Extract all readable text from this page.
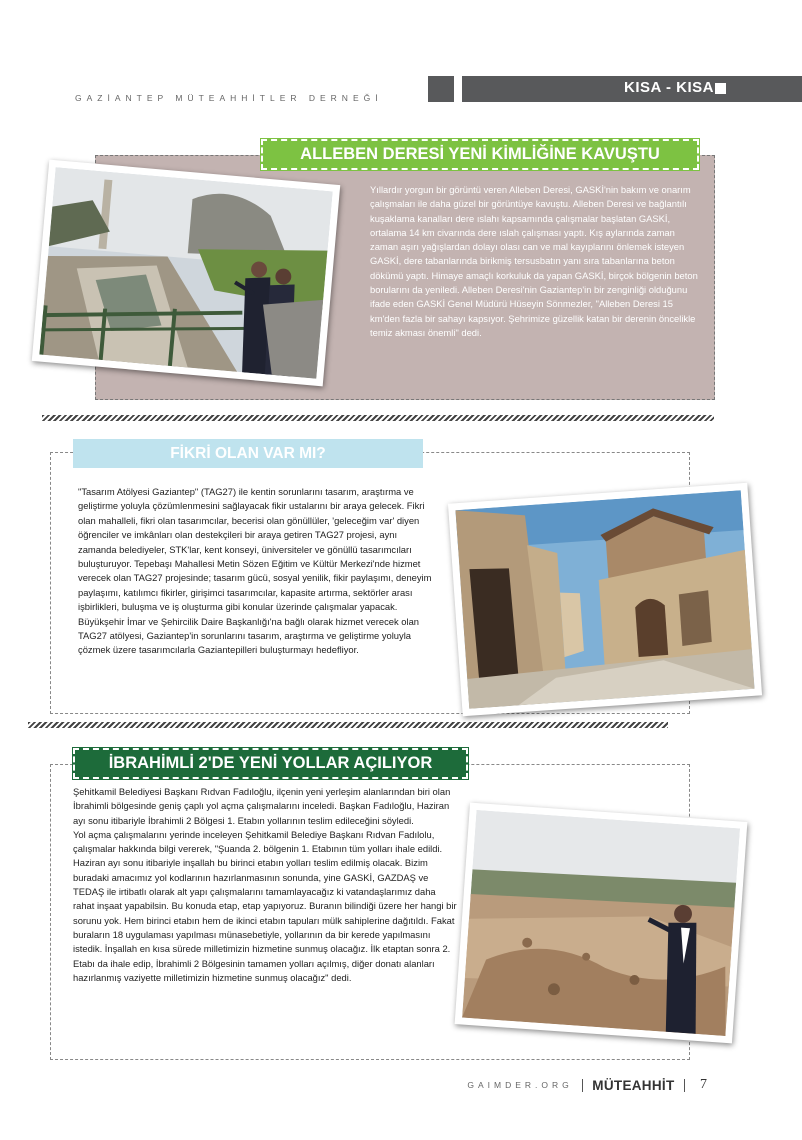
GAZİANTEP MÜTEAHHİTLER DERNEĞİ
KISA - KISA
ALLEBEN DERESİ YENİ KİMLİĞİNE KAVUŞTU
Yıllardır yorgun bir görüntü veren Alleben Deresi, GASKİ'nin bakım ve onarım çalışmaları ile daha güzel bir görüntüye kavuştu. Alleben Deresi ve bağlantılı kuşaklama kanalları dere ıslahı kapsamında çalışmalar başlatan GASKİ, ortalama 14 km civarında dere ıslah çalışması yaptı. Kış aylarında zaman zaman aşırı yağışlardan dolayı olası can ve mal kayıplarını önlemek isteyen GASKİ, dere tabanlarında birikmiş tersusbatın yanı sıra tabanlarına beton dökümü yaptı. Himaye amaçlı korkuluk da yapan GASKİ, birçok bölgenin beton borularını da yeniledi. Alleben Deresi'nin Gaziantep'in bir zenginliği olduğunu ifade eden GASKİ Genel Müdürü Hüseyin Sönmezler, "Alleben Deresi 15 km'den fazla bir sahayı kapsıyor. Şehrimize güzellik katan bir derenin öncelikle temiz akması önemli" dedi.
FİKRİ OLAN VAR MI?
"Tasarım Atölyesi Gaziantep" (TAG27) ile kentin sorunlarını tasarım, araştırma ve geliştirme yoluyla çözümlenmesini sağlayacak fikir ustalarını bir araya gelecek. Fikri olan mahalleli, fikri olan tasarımcılar, becerisi olan gönüllüler, 'geleceğim var' diyen öğrenciler ve imkânları olan destekçileri bir araya getiren TAG27 projesi, aynı zamanda belediyeler, STK'lar, kent konseyi, üniversiteler ve gönüllü tasarımcıları buluşturuyor. Tepebaşı Mahallesi Metin Sözen Eğitim ve Kültür Merkezi'nde hizmet verecek olan TAG27 projesinde; tasarım gücü, sosyal yenilik, fikir paylaşımı, deneyim paylaşımı, katılımcı fikirler, girişimci tasarımcılar, kapasite artırma, sektörler arası işbirlikleri, buluşma ve iş oluşturma gibi konular üzerinde çalışmalar yapacak. Büyükşehir İmar ve Şehircilik Daire Başkanlığı'na bağlı olarak hizmet verecek olan TAG27 atölyesi, Gaziantep'in sorunlarını tasarım, araştırma ve geliştirme yoluyla çözmek üzere tasarımcılarla Gaziantepilleri buluşturmayı hedefliyor.
İBRAHİMLİ 2'DE YENİ YOLLAR AÇILIYOR

Şehitkamil Belediyesi Başkanı Rıdvan Fadıloğlu, ilçenin yeni yerleşim alanlarından biri olan İbrahimli bölgesinde geniş çaplı yol açma çalışmalarını inceledi. Başkan Fadıloğlu, Haziran ayı sonu itibariyle İbrahimli 2 Bölgesi 1. Etabın yollarının teslim edileceğini söyledi.

Yol açma çalışmalarını yerinde inceleyen Şehitkamil Belediye Başkanı Rıdvan Fadılolu, çalışmalar hakkında bilgi vererek, "Şuanda 2. bölgenin 1. Etabının tüm yolları ihale edildi. Haziran ayı sonu itibariyle inşallah bu birinci etabın yolları teslim edilmiş olacak. Bizim buradaki amacımız yol kodlarının hazırlanmasının sonunda, yine GASKİ, GAZDAŞ ve TEDAŞ ile irtibatlı olarak alt yapı çalışmalarını tamamlayacağız ki vatandaşlarımız daha rahat inşaat yapabilsin. Bu konuda etap, etap yapıyoruz. Buranın bilindiği üzere her hangi bir sorunu yok. Hem birinci etabın hem de ikinci etabın tapuları mülk sahiplerine dağıtıldı. Fakat buraların 18 uygulaması yapılması münasebetiyle, yollarının da bir kerede yapılmasını istedik. İnşallah en kısa sürede milletimizin hizmetine sunmuş olacağız. İlk etaptan sonra 2. Etabı da ihale edip, İbrahimli 2 Bölgesinin tamamen yolları açılmış, diğer donatı alanları hazırlanmış vaziyette milletimizin hizmetine sunmuş olacağız" dedi.

GAIMDER.ORG MÜTEAHHİT 7
